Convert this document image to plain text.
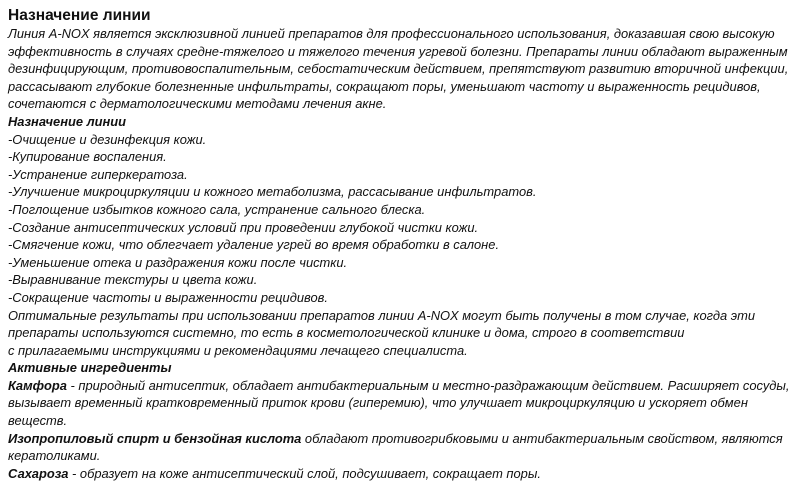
Назначение линии

Линия A-NOX является эксклюзивной линией препаратов для профессионального использования, доказавшая свою высокую эффективность в случаях средне-тяжелого и тяжелого течения угревой болезни. Препараты линии обладают выраженным дезинфицирующим, противовоспалительным, себостатическим действием, препятствуют развитию вторичной инфекции, рассасывают глубокие болезненные инфильтраты, сокращают поры, уменьшают частоту и выраженность рецидивов, сочетаются с дерматологическими методами лечения акне.

Назначение линии

-Очищение и дезинфекция кожи.
-Купирование воспаления.
-Устранение гиперкератоза.
-Улучшение микроциркуляции и кожного метаболизма, рассасывание инфильтратов.
-Поглощение избытков кожного сала, устранение сального блеска.
-Создание антисептических условий при проведении глубокой чистки кожи.
-Смягчение кожи, что облегчает удаление угрей во время обработки в салоне.
-Уменьшение отека и раздражения кожи после чистки.
-Выравнивание текстуры и цвета кожи.
-Сокращение частоты и выраженности рецидивов.

Оптимальные результаты при использовании препаратов линии A-NOX могут быть получены в том случае, когда эти препараты используются системно, то есть в косметологической клинике и дома, строго в соответствии
с прилагаемыми инструкциями и рекомендациями лечащего специалиста.

Активные ингредиенты

Камфора - природный антисептик, обладает антибактериальным и местно-раздражающим действием. Расширяет сосуды, вызывает временный кратковременный приток крови (гиперемию), что улучшает микроциркуляцию и ускоряет обмен веществ.

Изопропиловый спирт и бензойная кислота обладают противогрибковыми и антибактериальным свойством, являются кератоликами.

Сахароза - образует на коже антисептический слой, подсушивает, сокращает поры.
